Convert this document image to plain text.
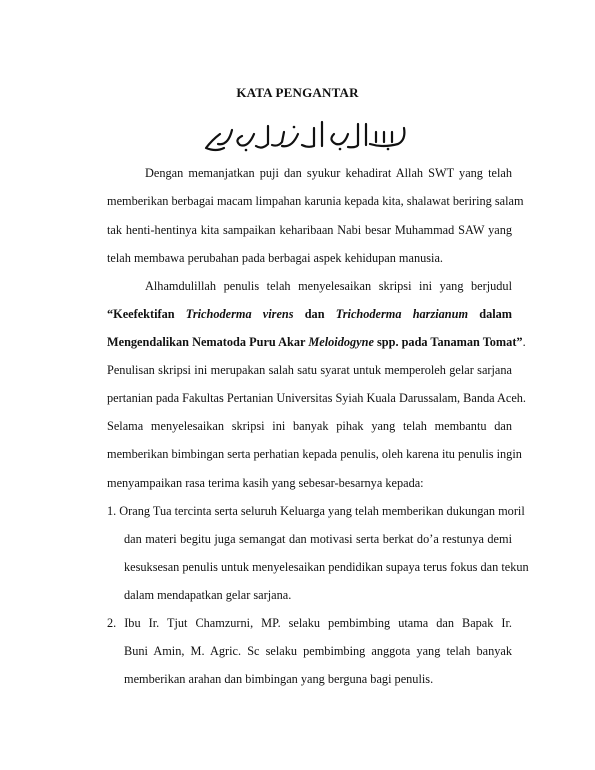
KATA PENGANTAR
Dengan memanjatkan puji dan syukur kehadirat Allah SWT yang telah
memberikan berbagai macam limpahan karunia kepada kita, shalawat beriring salam
tak henti-hentinya kita sampaikan keharibaan Nabi besar Muhammad SAW yang
telah membawa perubahan pada berbagai aspek kehidupan manusia.
Alhamdulillah penulis telah menyelesaikan skripsi ini yang berjudul
“Keefektifan Trichoderma virens dan Trichoderma harzianum dalam
Mengendalikan Nematoda Puru Akar Meloidogyne spp. pada Tanaman Tomat”.
Penulisan skripsi ini merupakan salah satu syarat untuk memperoleh gelar sarjana
pertanian pada Fakultas Pertanian Universitas Syiah Kuala Darussalam, Banda Aceh.
Selama menyelesaikan skripsi ini banyak pihak yang telah membantu dan
memberikan bimbingan serta perhatian kepada penulis, oleh karena itu penulis ingin
menyampaikan rasa terima kasih yang sebesar-besarnya kepada:
1. Orang Tua tercinta serta seluruh Keluarga yang telah memberikan dukungan moril
dan materi begitu juga semangat dan motivasi serta berkat do’a restunya demi
kesuksesan penulis untuk menyelesaikan pendidikan supaya terus fokus dan tekun
dalam mendapatkan gelar sarjana.
2. Ibu Ir. Tjut Chamzurni, MP. selaku pembimbing utama dan Bapak Ir.
Buni Amin, M. Agric. Sc selaku pembimbing anggota yang telah banyak
memberikan arahan dan bimbingan yang berguna bagi penulis.
